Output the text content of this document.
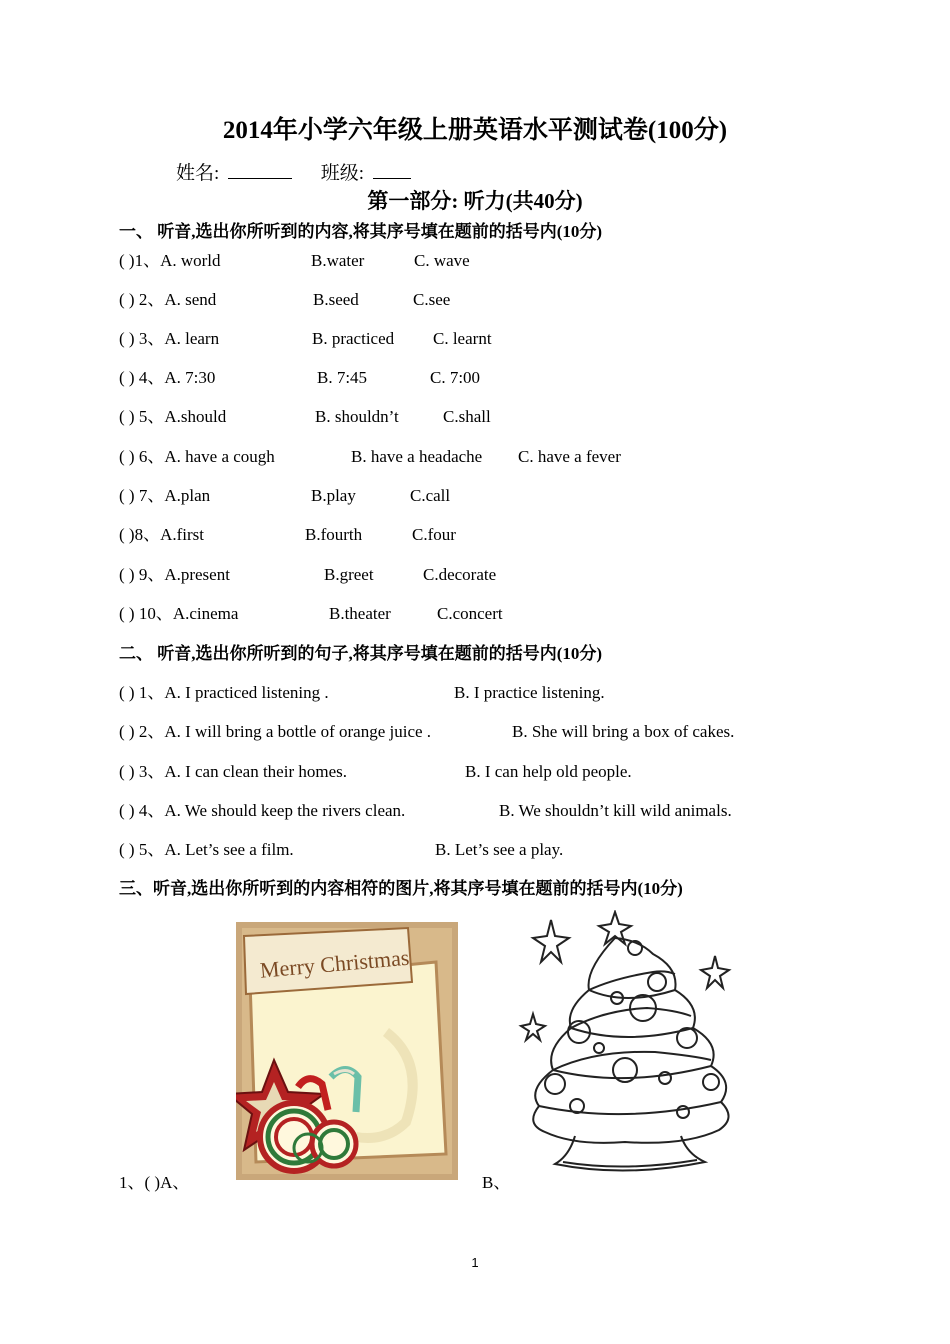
2014年小学六年级上册英语水平测试卷(100分)
姓名:	班级:
第一部分: 听力(共40分)
一、 听音,选出你所听到的内容,将其序号填在题前的括号内(10分)
( )1、A. world	B.water	C. wave
( ) 2、A. send	B.seed	C.see
( ) 3、A. learn	B. practiced C. learnt
( ) 4、A. 7:30	B. 7:45	C. 7:00
( ) 5、A.should	B. shouldn’t	C.shall
( ) 6、A. have a cough	B. have a headache C. have a fever
( ) 7、A.plan	B.play	C.call
( )8、A.first	B.fourth	C.four
( ) 9、A.present	B.greet	C.decorate
( ) 10、A.cinema	B.theater	C.concert
二、 听音,选出你所听到的句子,将其序号填在题前的括号内(10分)
( ) 1、A. I practiced listening .	B. I practice listening.
( ) 2、A. I will bring a bottle of orange juice .	B. She will bring a box of cakes.
( ) 3、A. I can clean their homes.	B. I can help old people.
( ) 4、A. We should keep the rivers clean.	B. We shouldn’t kill wild animals.
( ) 5、A. Let’s see a film.	B. Let’s see a play.
三、听音,选出你所听到的内容相符的图片,将其序号填在题前的括号内(10分)
Merry Christmas
1、( )A、	B、
1
